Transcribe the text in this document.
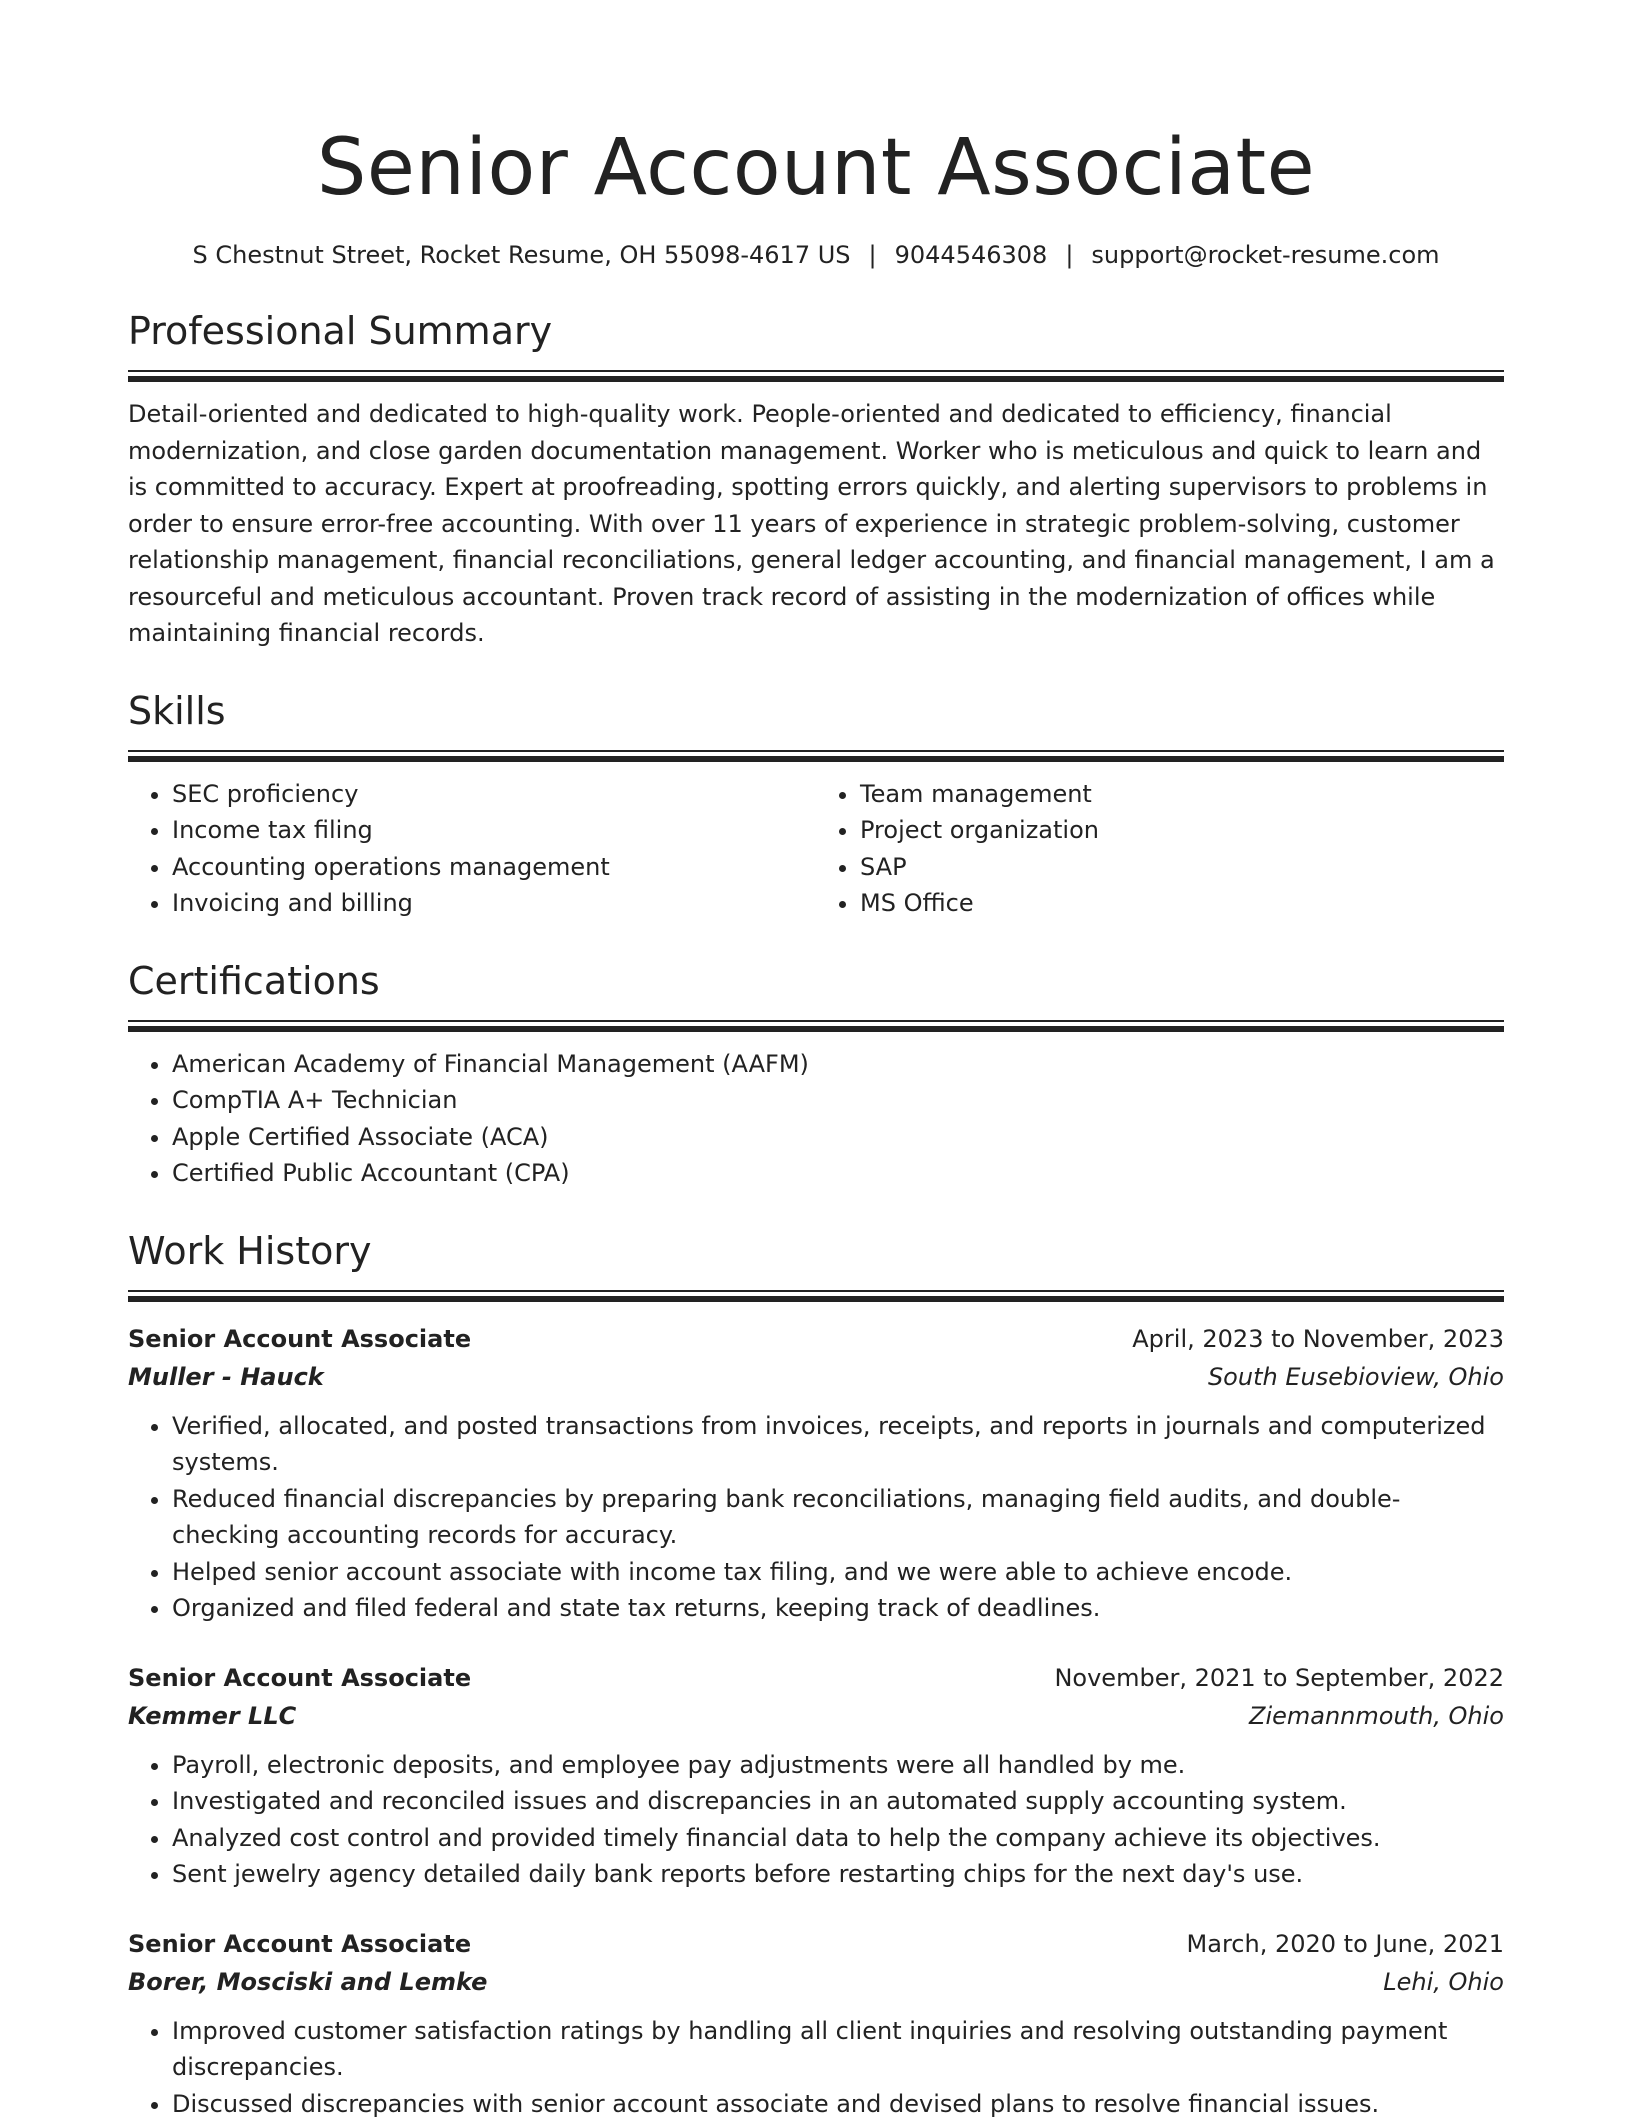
Senior Account Associate
S Chestnut Street, Rocket Resume, OH 55098-4617 US | 9044546308 | support@rocket-resume.com
Professional Summary
Detail-oriented and dedicated to high-quality work. People-oriented and dedicated to efficiency, financial modernization, and close garden documentation management. Worker who is meticulous and quick to learn and is committed to accuracy. Expert at proofreading, spotting errors quickly, and alerting supervisors to problems in order to ensure error-free accounting. With over 11 years of experience in strategic problem-solving, customer relationship management, financial reconciliations, general ledger accounting, and financial management, I am a resourceful and meticulous accountant. Proven track record of assisting in the modernization of offices while maintaining financial records.
Skills
• SEC proficiency
• Income tax filing
• Accounting operations management
• Invoicing and billing
• Team management
• Project organization
• SAP
• MS Office
Certifications
• American Academy of Financial Management (AAFM)
• CompTIA A+ Technician
• Apple Certified Associate (ACA)
• Certified Public Accountant (CPA)
Work History
Senior Account Associate	April, 2023 to November, 2023
Muller - Hauck	South Eusebioview, Ohio
• Verified, allocated, and posted transactions from invoices, receipts, and reports in journals and computerized systems.
• Reduced financial discrepancies by preparing bank reconciliations, managing field audits, and double-checking accounting records for accuracy.
• Helped senior account associate with income tax filing, and we were able to achieve encode.
• Organized and filed federal and state tax returns, keeping track of deadlines.
Senior Account Associate	November, 2021 to September, 2022
Kemmer LLC	Ziemannmouth, Ohio
• Payroll, electronic deposits, and employee pay adjustments were all handled by me.
• Investigated and reconciled issues and discrepancies in an automated supply accounting system.
• Analyzed cost control and provided timely financial data to help the company achieve its objectives.
• Sent jewelry agency detailed daily bank reports before restarting chips for the next day's use.
Senior Account Associate	March, 2020 to June, 2021
Borer, Mosciski and Lemke	Lehi, Ohio
• Improved customer satisfaction ratings by handling all client inquiries and resolving outstanding payment discrepancies.
• Discussed discrepancies with senior account associate and devised plans to resolve financial issues.
